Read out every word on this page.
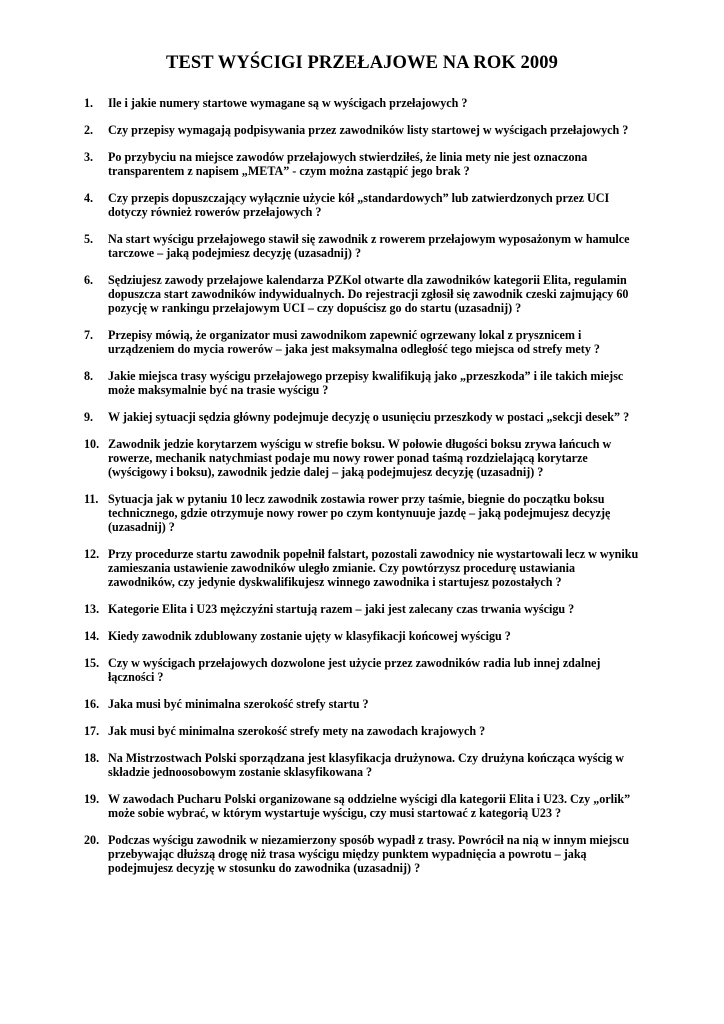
TEST WYŚCIGI PRZEŁAJOWE NA ROK 2009
1.	Ile i jakie numery startowe wymagane są w wyścigach przełajowych ?
2.	Czy przepisy wymagają podpisywania przez zawodników listy startowej w wyścigach przełajowych ?
3.	Po przybyciu na miejsce zawodów przełajowych stwierdziłeś, że linia mety nie jest oznaczona transparentem z napisem „META” - czym można zastąpić jego brak ?
4.	Czy przepis dopuszczający wyłącznie użycie kół „standardowych” lub zatwierdzonych przez UCI dotyczy również rowerów przełajowych ?
5.	Na start wyścigu przełajowego stawił się zawodnik z rowerem przełajowym wyposażonym w hamulce tarczowe – jaką podejmiesz decyzję (uzasadnij) ?
6.	Sędziujesz zawody przełajowe kalendarza PZKol otwarte dla zawodników kategorii Elita, regulamin dopuszcza start zawodników indywidualnych. Do rejestracji zgłosił się zawodnik czeski zajmujący 60 pozycję w rankingu przełajowym UCI – czy dopuścisz go do startu (uzasadnij) ?
7.	Przepisy mówią, że organizator musi zawodnikom zapewnić ogrzewany lokal z prysznicem i urządzeniem do mycia rowerów – jaka jest maksymalna odległość tego miejsca od strefy mety ?
8.	Jakie miejsca trasy wyścigu przełajowego przepisy kwalifikują jako „przeszkoda” i ile takich miejsc może maksymalnie być na trasie wyścigu ?
9.	W jakiej sytuacji sędzia główny podejmuje decyzję o usunięciu przeszkody w postaci „sekcji desek” ?
10. Zawodnik jedzie korytarzem wyścigu w strefie boksu. W połowie długości boksu zrywa łańcuch w rowerze, mechanik natychmiast podaje mu nowy rower ponad taśmą rozdzielającą korytarze (wyścigowy i boksu), zawodnik jedzie dalej – jaką podejmujesz decyzję (uzasadnij) ?
11. Sytuacja jak w pytaniu 10 lecz zawodnik zostawia rower przy taśmie, biegnie do początku boksu technicznego, gdzie otrzymuje nowy rower po czym kontynuuje jazdę – jaką podejmujesz decyzję (uzasadnij) ?
12. Przy procedurze startu zawodnik popełnił falstart, pozostali zawodnicy nie wystartowali lecz w wyniku zamieszania ustawienie zawodników uległo zmianie. Czy powtórzysz procedurę ustawiania zawodników, czy jedynie dyskwalifikujesz winnego zawodnika i startujesz pozostałych ?
13. Kategorie Elita i U23 mężczyźni startują razem – jaki jest zalecany czas trwania wyścigu ?
14. Kiedy zawodnik zdublowany zostanie ujęty w klasyfikacji końcowej wyścigu ?
15. Czy w wyścigach przełajowych dozwolone jest użycie przez zawodników radia lub innej zdalnej łączności ?
16. Jaka musi być minimalna szerokość strefy startu ?
17. Jak musi być minimalna szerokość strefy mety na zawodach krajowych ?
18. Na Mistrzostwach Polski sporządzana jest klasyfikacja drużynowa. Czy drużyna kończąca wyścig w składzie jednoosobowym zostanie sklasyfikowana ?
19. W zawodach Pucharu Polski organizowane są oddzielne wyścigi dla kategorii Elita i U23. Czy „orlik” może sobie wybrać, w którym wystartuje wyścigu, czy musi startować z kategorią U23 ?
20. Podczas wyścigu zawodnik w niezamierzony sposób wypadł z trasy. Powrócił na nią w innym miejscu przebywając dłuższą drogę niż trasa wyścigu między punktem wypadnięcia a powrotu – jaką podejmujesz decyzję w stosunku do zawodnika (uzasadnij) ?
